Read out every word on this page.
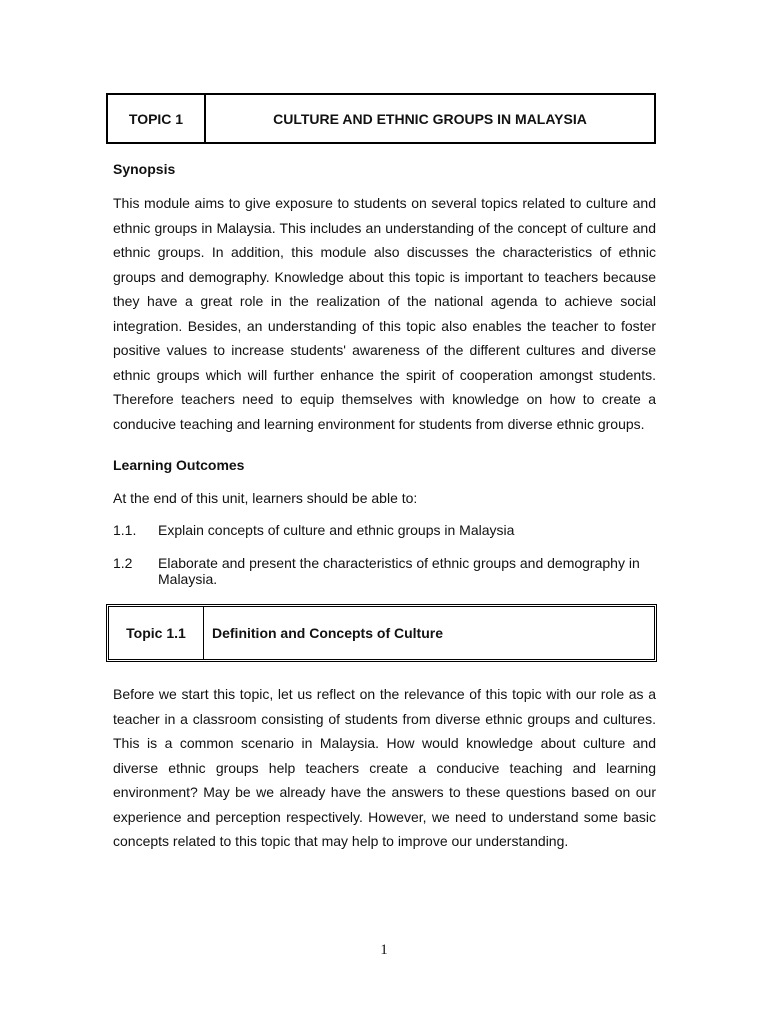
TOPIC 1	CULTURE AND ETHNIC GROUPS IN MALAYSIA
Synopsis
This module aims to give exposure to students on several topics related to culture and
ethnic groups in Malaysia. This includes an understanding of the concept of culture and
ethnic groups. In addition, this module also discusses the characteristics of ethnic
groups and demography. Knowledge about this topic is important to teachers because
they have a great role in the realization of the national agenda to achieve social
integration. Besides, an understanding of this topic also enables the teacher to foster
positive values to increase students' awareness of the different cultures and diverse
ethnic groups which will further enhance the spirit of cooperation amongst students.
Therefore teachers need to equip themselves with knowledge on how to create a
conducive teaching and learning environment for students from diverse ethnic groups.
Learning Outcomes
At the end of this unit, learners should be able to:
1.1.	Explain concepts of culture and ethnic groups in Malaysia
1.2	Elaborate and present the characteristics of ethnic groups and demography in Malaysia.
Topic 1.1	Definition and Concepts of Culture
Before we start this topic, let us reflect on the relevance of this topic with our role as a
teacher in a classroom consisting of students from diverse ethnic groups and cultures.
This is a common scenario in Malaysia. How would knowledge about culture and
diverse ethnic groups help teachers create a conducive teaching and learning
environment? May be we already have the answers to these questions based on our
experience and perception respectively. However, we need to understand some basic
concepts related to this topic that may help to improve our understanding.
1
